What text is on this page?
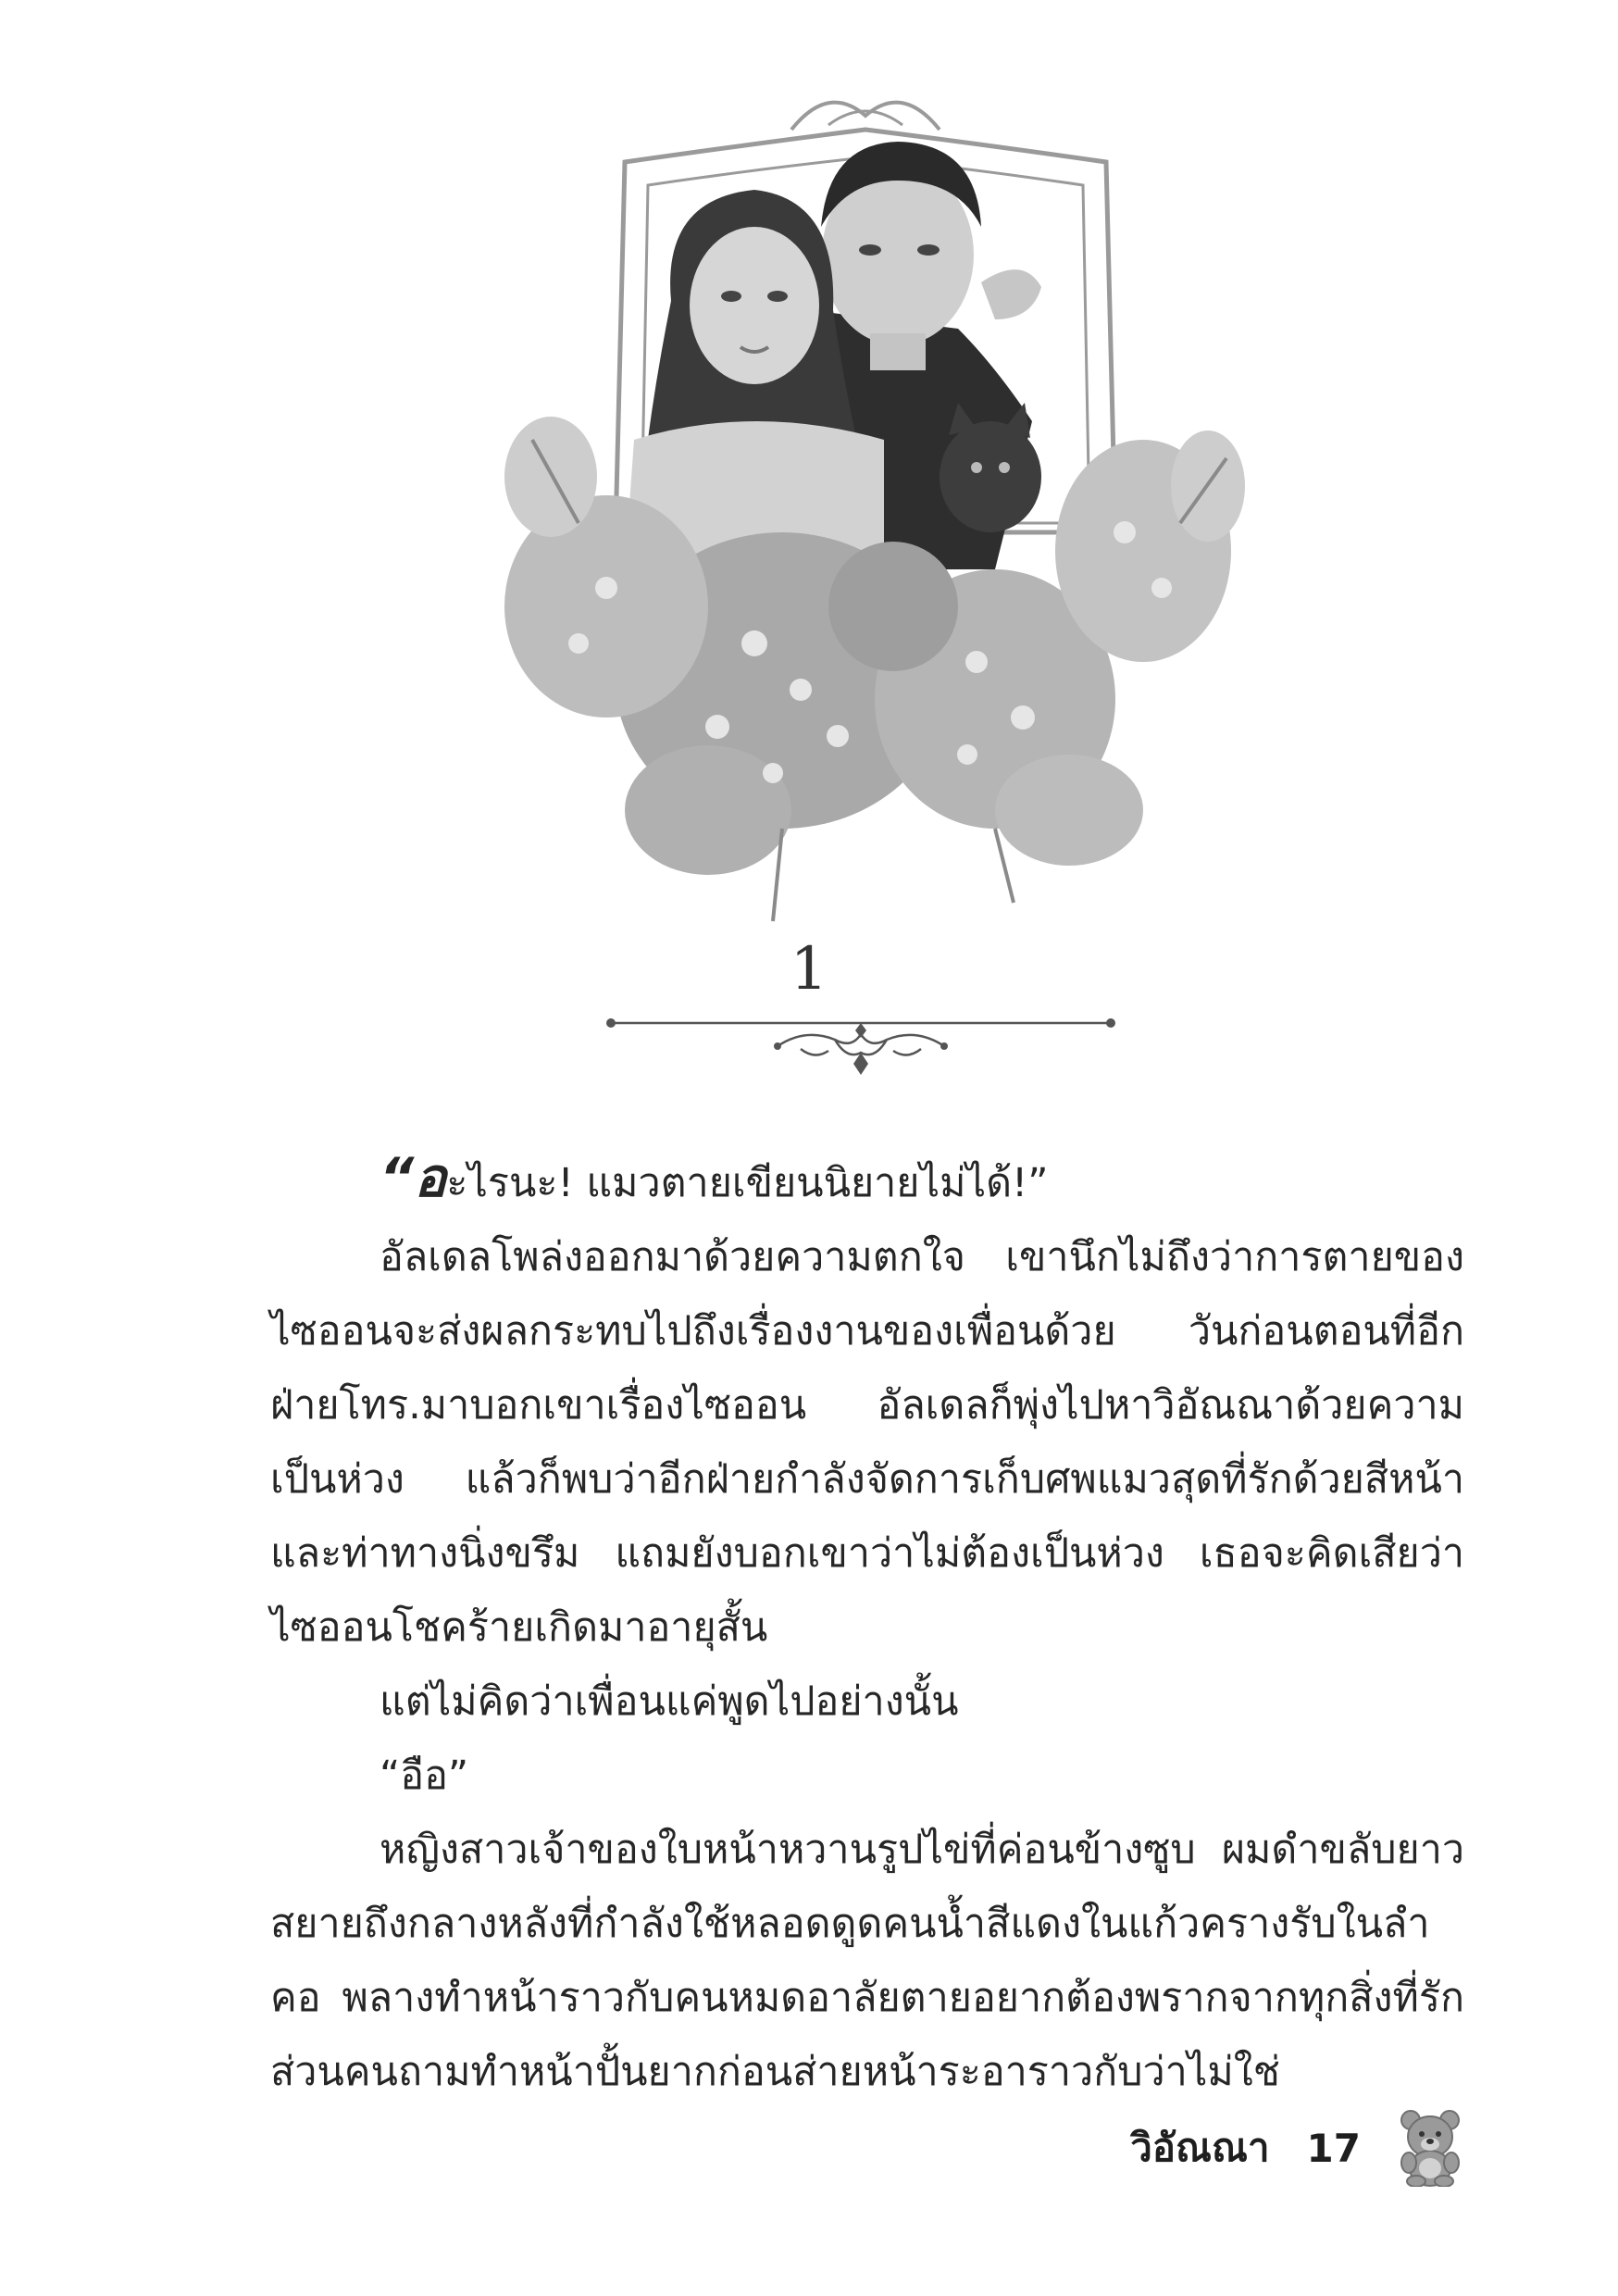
1

“อะไรนะ! แมวตายเขียนนิยายไม่ได้!”

อัลเดลโพล่งออกมาด้วยความตกใจ เขานึกไม่ถึงว่าการตายของไซออนจะส่งผลกระทบไปถึงเรื่องงานของเพื่อนด้วย วันก่อนตอนที่อีกฝ่ายโทร.มาบอกเขาเรื่องไซออน อัลเดลก็พุ่งไปหาวิอัณณาด้วยความเป็นห่วง แล้วก็พบว่าอีกฝ่ายกำลังจัดการเก็บศพแมวสุดที่รักด้วยสีหน้าและท่าทางนิ่งขรึม แถมยังบอกเขาว่าไม่ต้องเป็นห่วง เธอจะคิดเสียว่าไซออนโชคร้ายเกิดมาอายุสั้น

แต่ไม่คิดว่าเพื่อนแค่พูดไปอย่างนั้น

“อือ”

หญิงสาวเจ้าของใบหน้าหวานรูปไข่ที่ค่อนข้างซูบ ผมดำขลับยาวสยายถึงกลางหลังที่กำลังใช้หลอดดูดคนน้ำสีแดงในแก้วครางรับในลำคอ พลางทำหน้าราวกับคนหมดอาลัยตายอยากต้องพรากจากทุกสิ่งที่รัก ส่วนคนถามทำหน้าปั้นยากก่อนส่ายหน้าระอาราวกับว่าไม่ใช่

วิอัณณา 17
